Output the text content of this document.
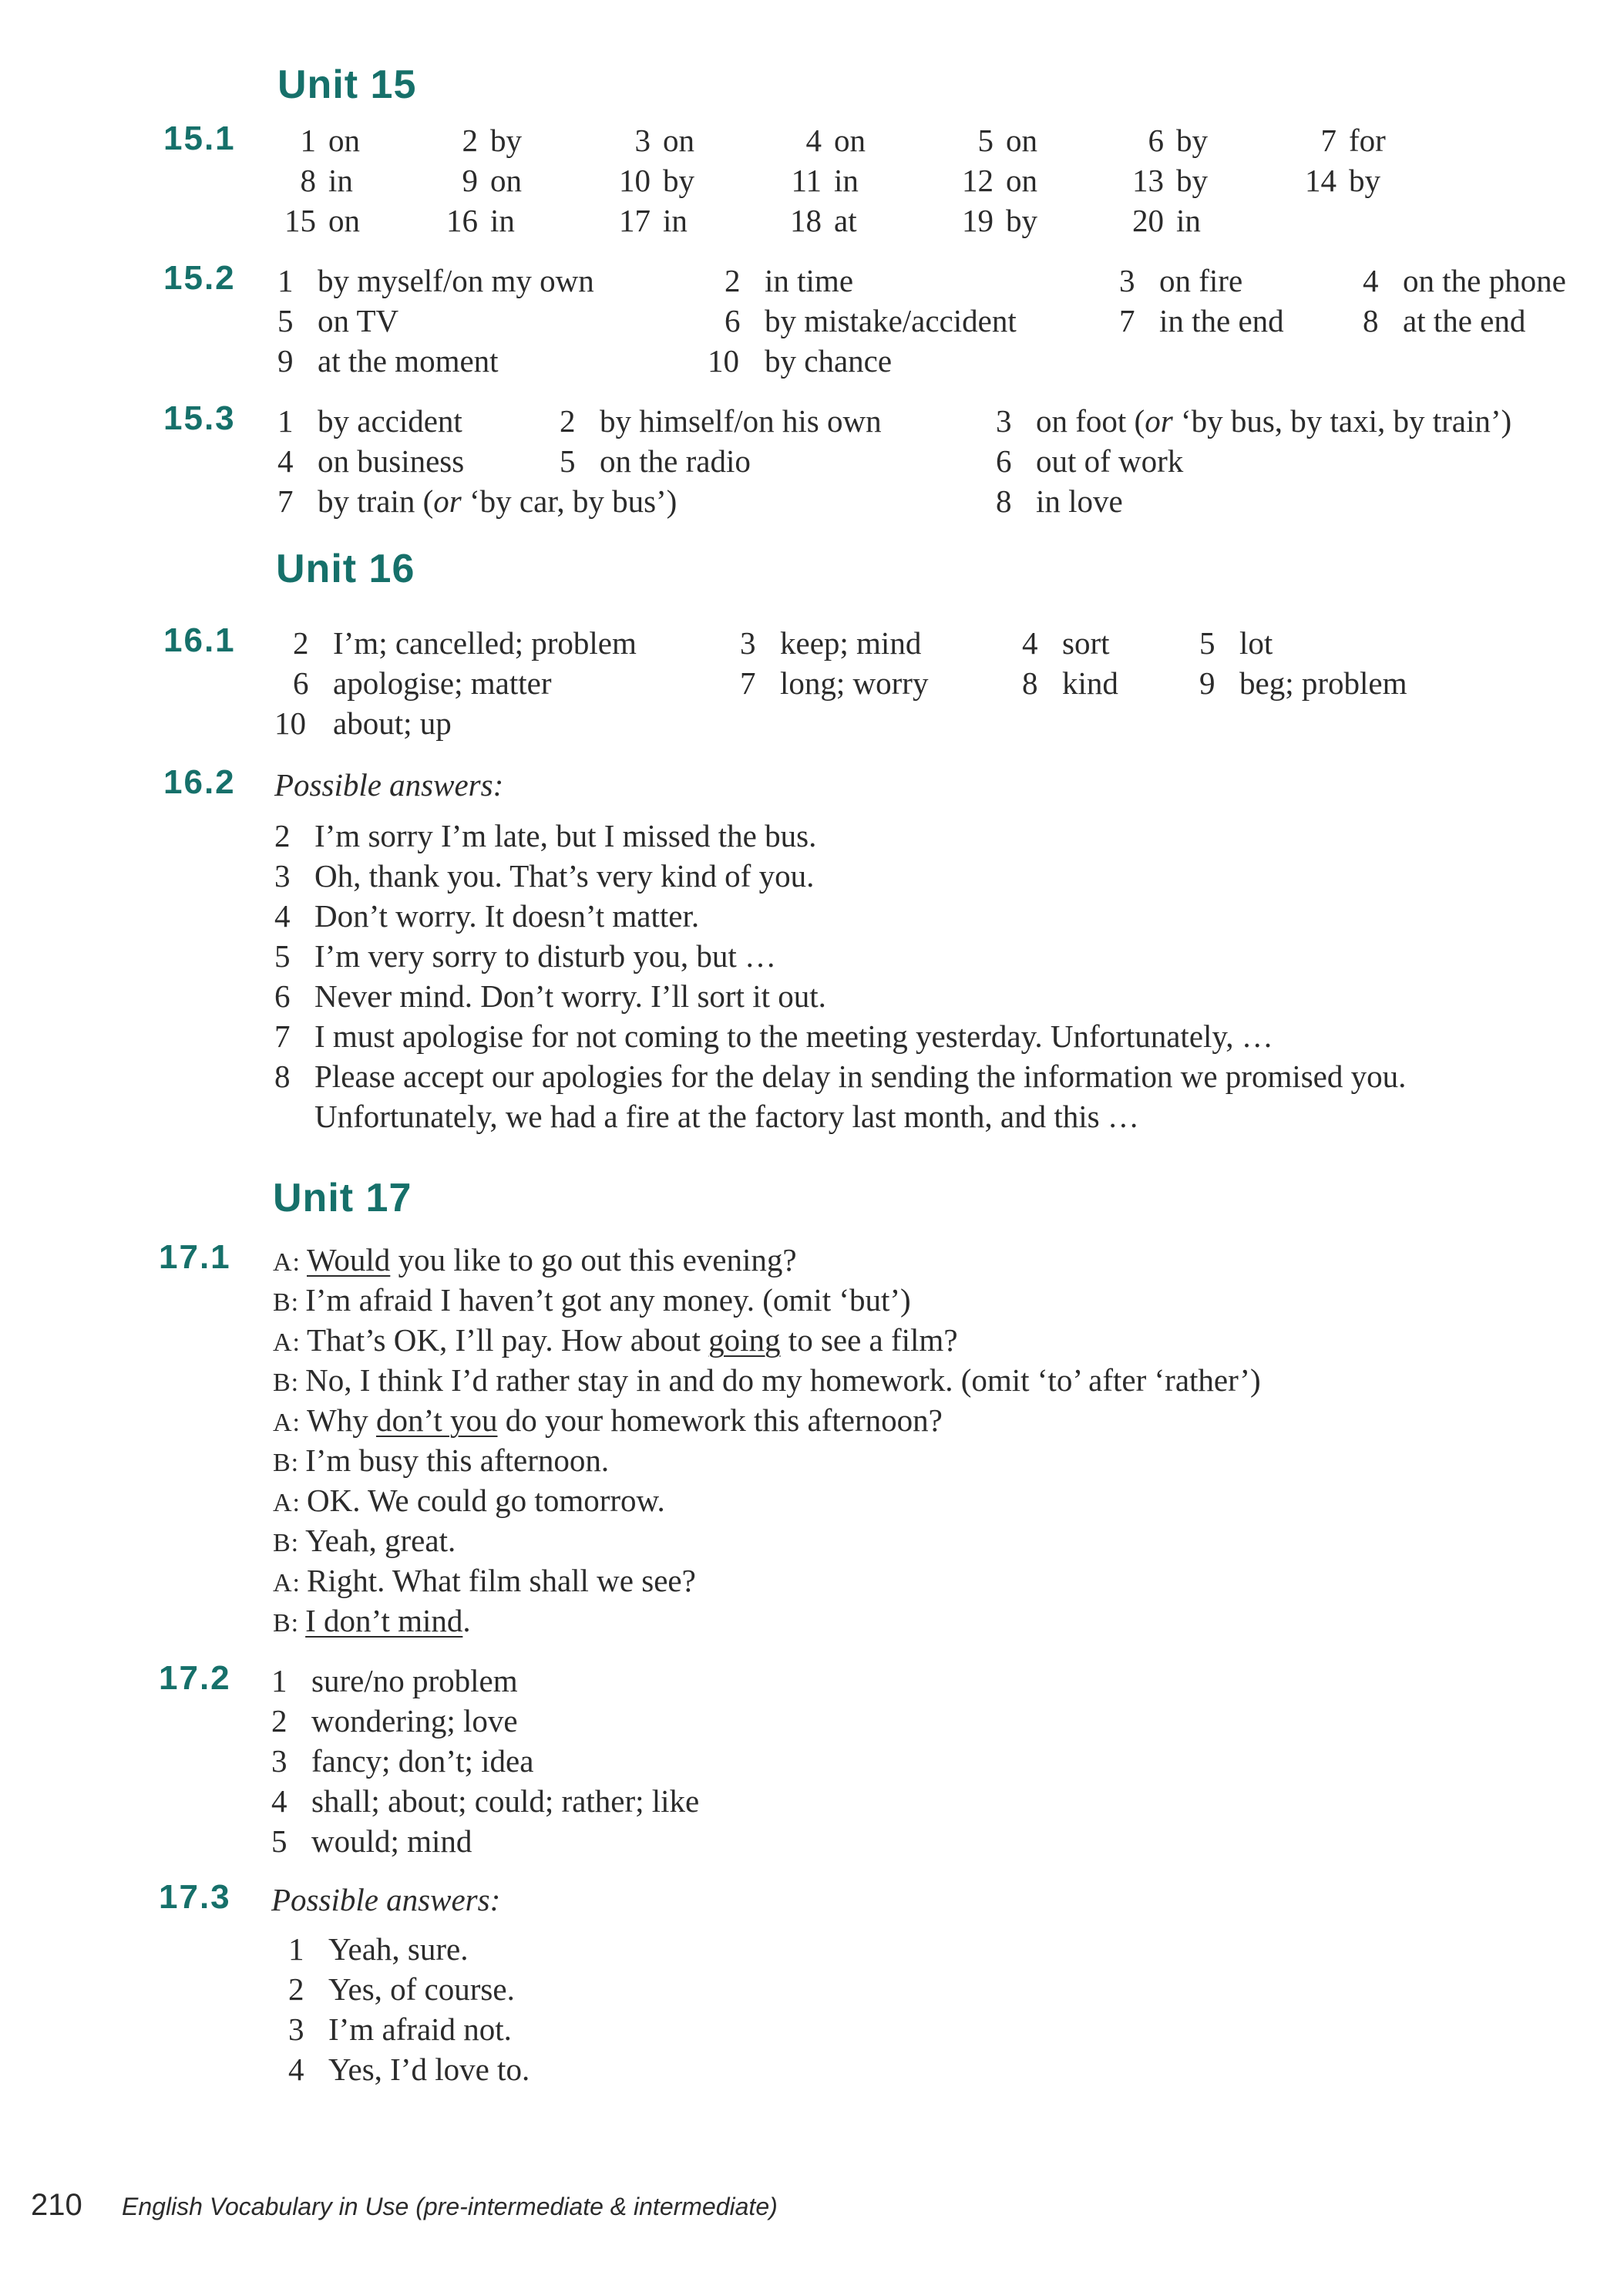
Unit 15
15.1	1 on	2 by	3 on	4 on	5 on	6 by	7 for
8 in	9 on	10 by	11 in	12 on	13 by	14 by
15 on	16 in	17 in	18 at	19 by	20 in
15.2 1 by myself/on my own	2 in time	3 on fire	4 on the phone
5 on TV	6 by mistake/accident	7 in the end 8 at the end
9 at the moment	10 by chance
15.3 1 by accident	2 by himself/on his own	3 on foot (or ‘by bus, by taxi, by train’)
4 on business	5 on the radio	6 out of work
7 by train (or ‘by car, by bus’)	8 in love
Unit 16
16.1 2 I’m; cancelled; problem	3 keep; mind	4 sort	5 lot
6 apologise; matter	7 long; worry	8 kind	9 beg; problem
10 about; up
16.2 Possible answers:
2 I’m sorry I’m late, but I missed the bus.
3 Oh, thank you. That’s very kind of you.
4 Don’t worry. It doesn’t matter.
5 I’m very sorry to disturb you, but …
6 Never mind. Don’t worry. I’ll sort it out.
7 I must apologise for not coming to the meeting yesterday. Unfortunately, …
8 Please accept our apologies for the delay in sending the information we promised you.
Unfortunately, we had a fire at the factory last month, and this …
Unit 17
17.1 A: Would you like to go out this evening?
B: I’m afraid I haven’t got any money. (omit ‘but’)
A: That’s OK, I’ll pay. How about going to see a film?
B: No, I think I’d rather stay in and do my homework. (omit ‘to’ after ‘rather’)
A: Why don’t you do your homework this afternoon?
B: I’m busy this afternoon.
A: OK. We could go tomorrow.
B: Yeah, great.
A: Right. What film shall we see?
B: I don’t mind.
17.2 1 sure/no problem
2 wondering; love
3 fancy; don’t; idea
4 shall; about; could; rather; like
5 would; mind
17.3 Possible answers:
1 Yeah, sure.
2 Yes, of course.
3 I’m afraid not.
4 Yes, I’d love to.
210 English Vocabulary in Use (pre-intermediate & intermediate)
